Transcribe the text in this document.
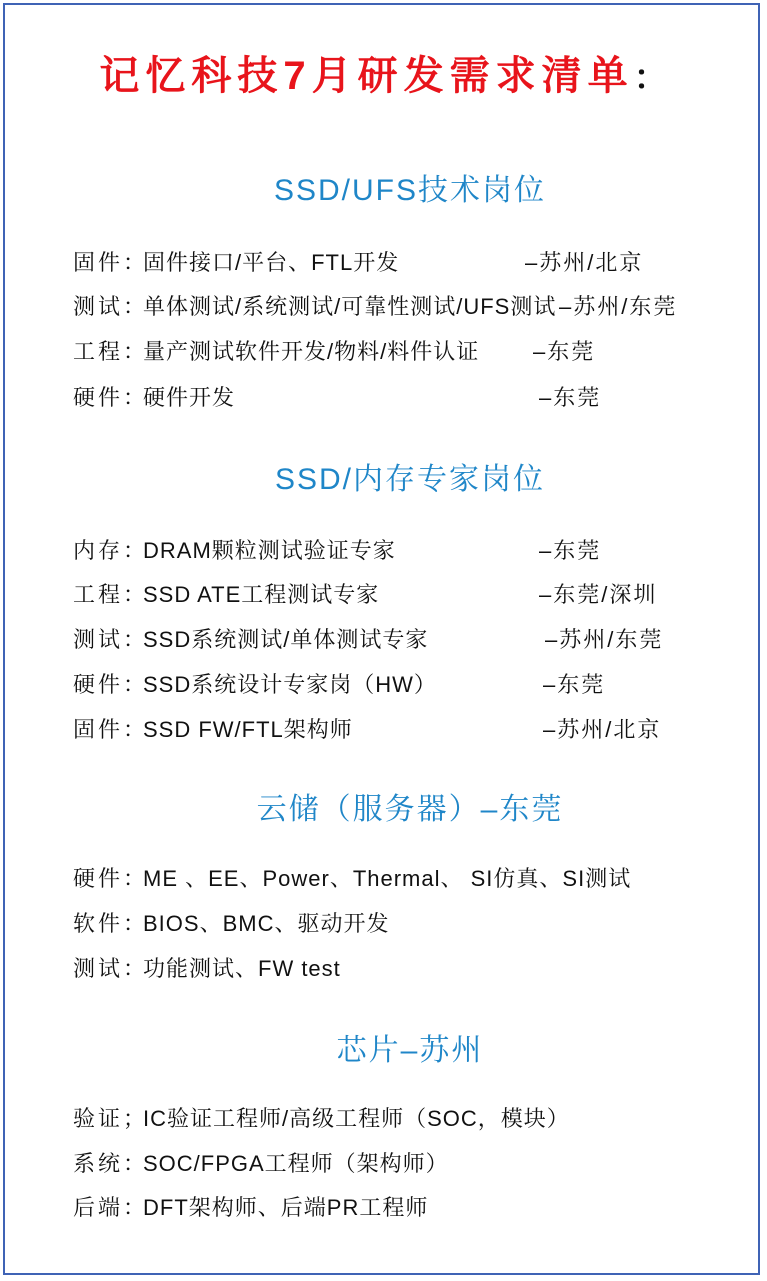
记忆科技7月研发需求清单：
SSD/UFS技术岗位
固件：
固件接口/平台、FTL开发	–苏州/北京
测试：
单体测试/系统测试/可靠性测试/UFS测试 –苏州/东莞
工程：
量产测试软件开发/物料/料件认证 –东莞
硬件：
硬件开发	–东莞
SSD/内存专家岗位
内存：
DRAM颗粒测试验证专家	–东莞
工程：
SSD ATE工程测试专家	–东莞/深圳
测试：
SSD系统测试/单体测试专家	–苏州/东莞
硬件：
SSD系统设计专家岗（HW）	–东莞
固件：
SSD FW/FTL架构师	–苏州/北京
云储（服务器）–东莞
硬件：
ME 、EE、Power、Thermal、 SI仿真、SI测试
软件：
BIOS、BMC、驱动开发
测试：
功能测试、FW test
芯片–苏州
验证；
IC验证工程师/高级工程师（SOC，模块）
系统：
SOC/FPGA工程师（架构师）
后端：
DFT架构师、后端PR工程师
